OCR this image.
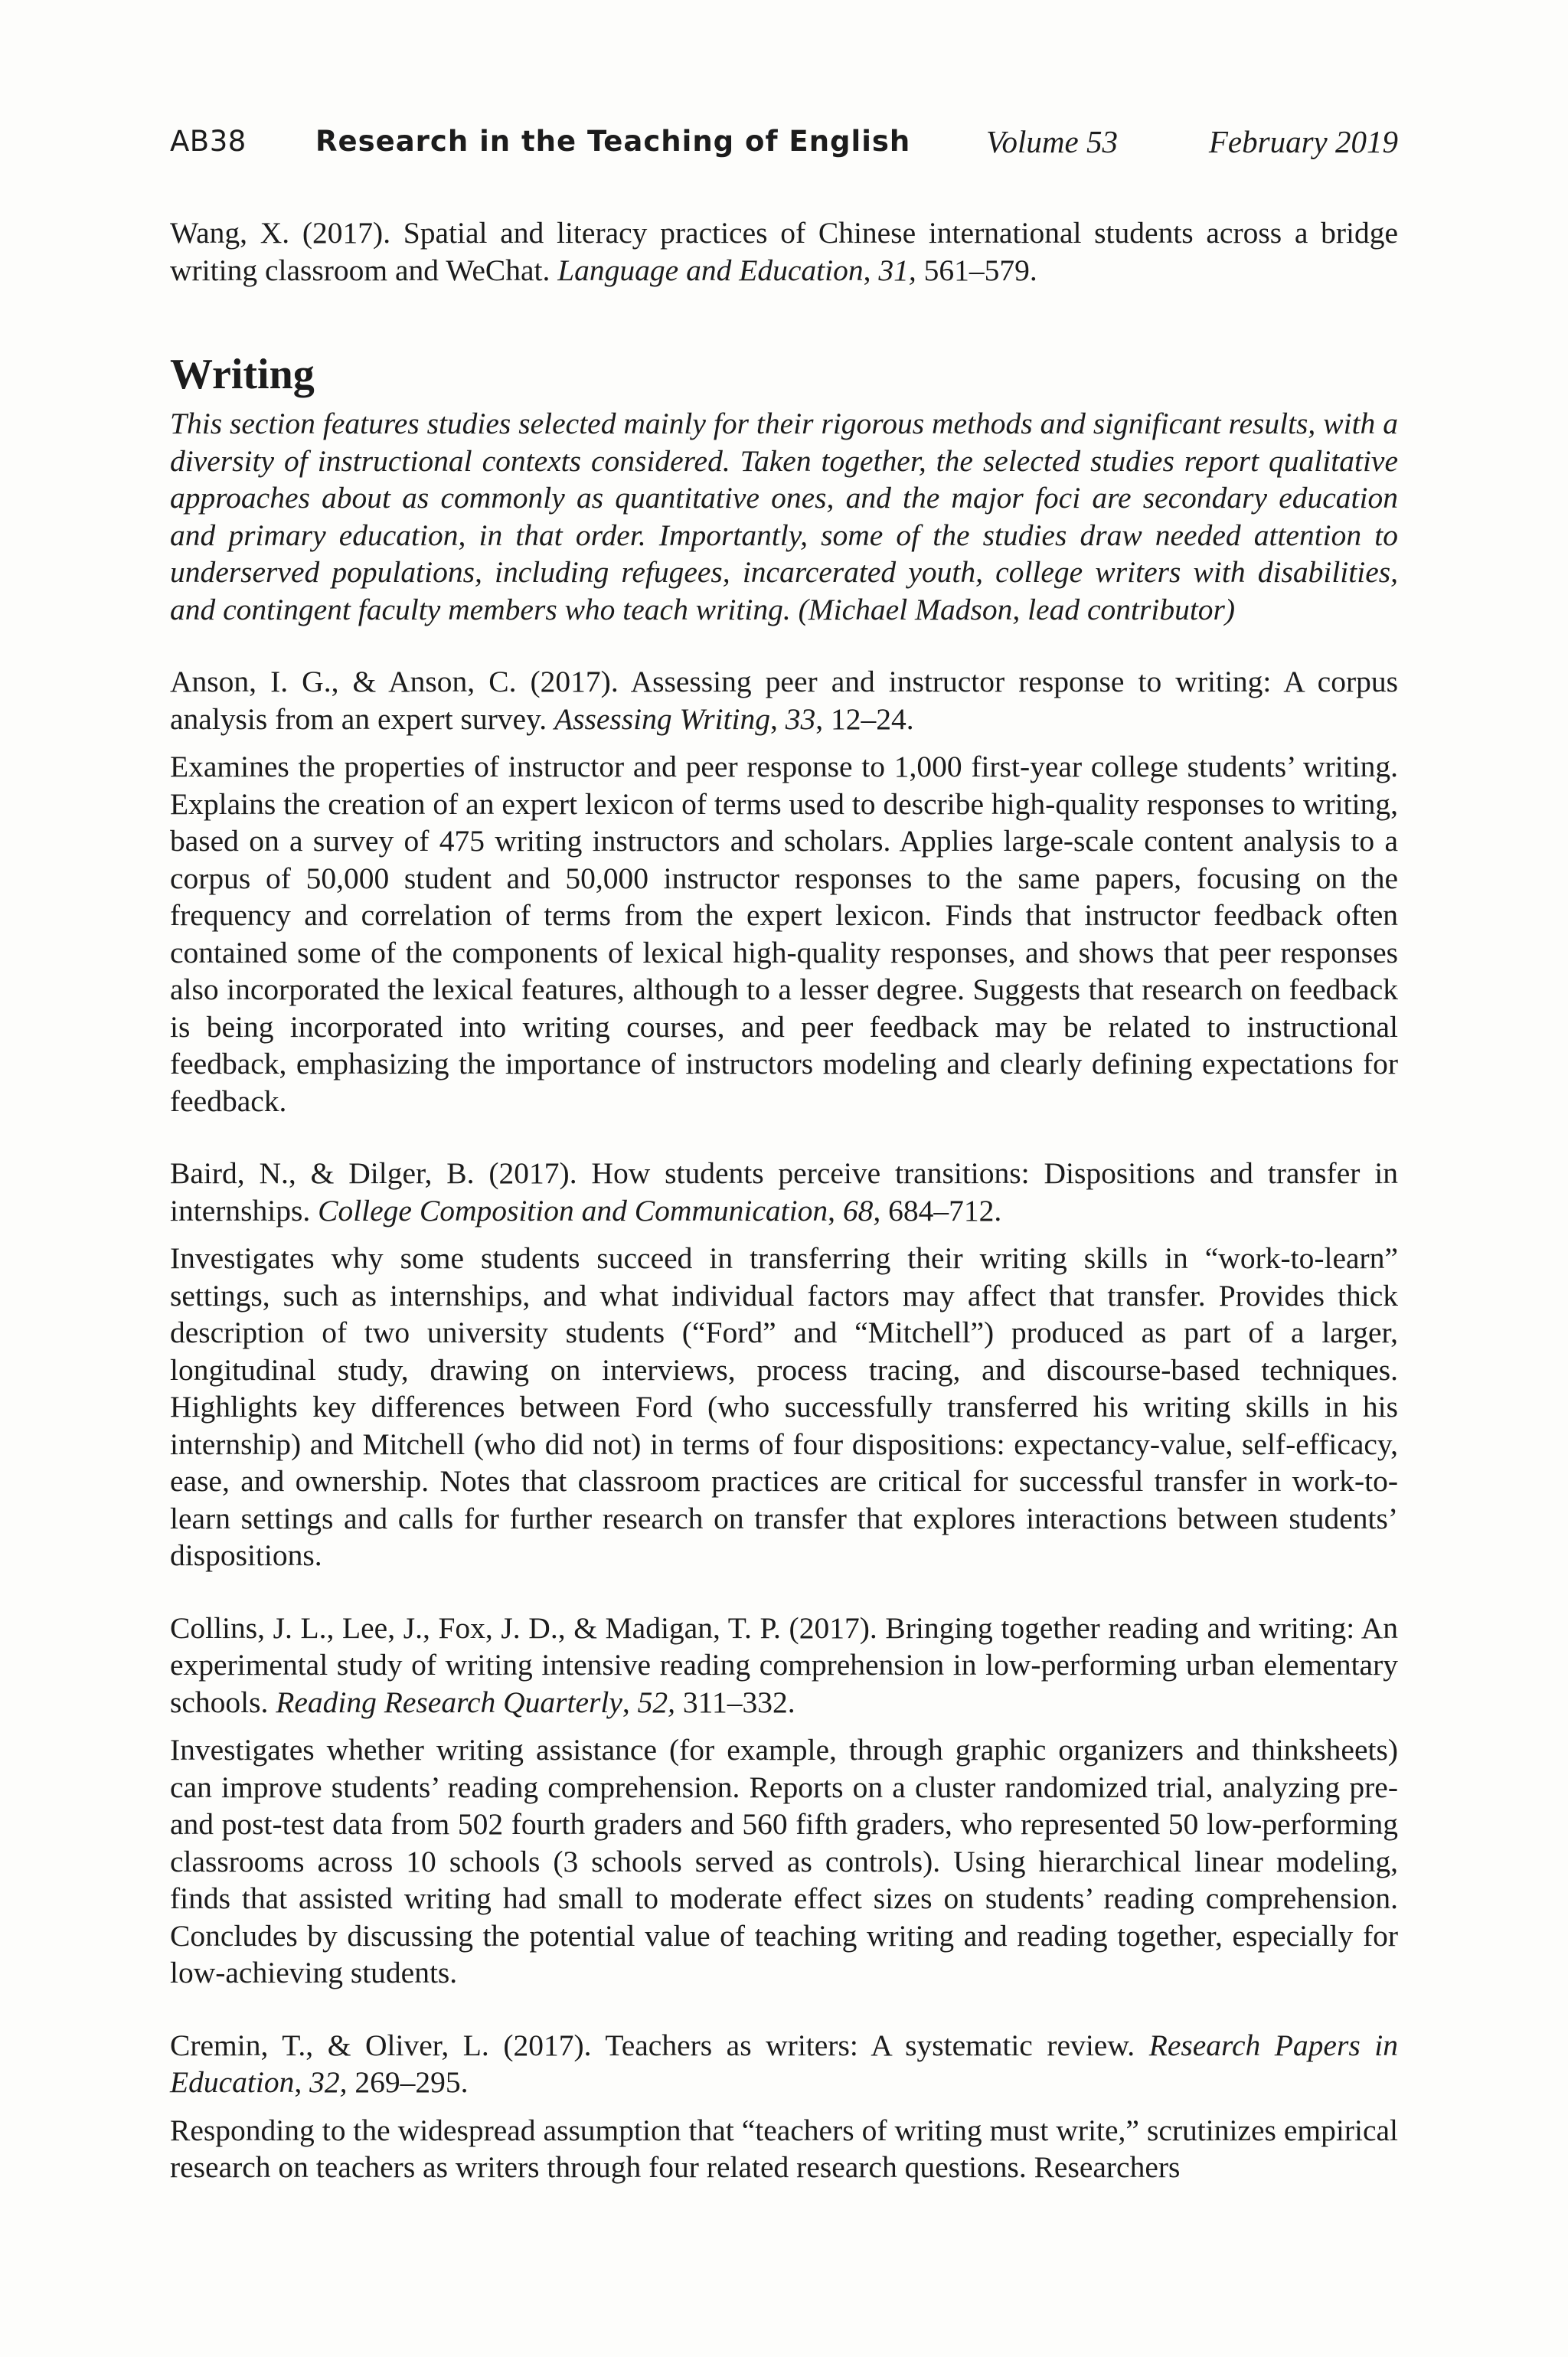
AB38 Research in the Teaching of English Volume 53	February 2019

Wang, X. (2017). Spatial and literacy practices of Chinese international students across a bridge writing classroom and WeChat. Language and Education, 31, 561–579.

Writing

This section features studies selected mainly for their rigorous methods and significant results, with a diversity of instructional contexts considered. Taken together, the selected studies report qualitative approaches about as commonly as quantitative ones, and the major foci are secondary education and primary education, in that order. Importantly, some of the studies draw needed attention to underserved populations, including refugees, incarcerated youth, college writers with disabilities, and contingent faculty members who teach writing. (Michael Madson, lead contributor)

Anson, I. G., & Anson, C. (2017). Assessing peer and instructor response to writing: A corpus analysis from an expert survey. Assessing Writing, 33, 12–24.

Examines the properties of instructor and peer response to 1,000 first-year college students’ writing. Explains the creation of an expert lexicon of terms used to describe high-quality responses to writing, based on a survey of 475 writing instructors and scholars. Applies large-scale content analysis to a corpus of 50,000 student and 50,000 instructor responses to the same papers, focusing on the frequency and correlation of terms from the expert lexicon. Finds that instructor feedback often contained some of the components of lexical high-quality responses, and shows that peer responses also incorporated the lexical features, although to a lesser degree. Suggests that research on feedback is being incorporated into writing courses, and peer feedback may be related to instructional feedback, emphasizing the importance of instructors modeling and clearly defining expectations for feedback.

Baird, N., & Dilger, B. (2017). How students perceive transitions: Dispositions and transfer in internships. College Composition and Communication, 68, 684–712.

Investigates why some students succeed in transferring their writing skills in “work-to-learn” settings, such as internships, and what individual factors may affect that transfer. Provides thick description of two university students (“Ford” and “Mitchell”) produced as part of a larger, longitudinal study, drawing on interviews, process tracing, and discourse-based techniques. Highlights key differences between Ford (who successfully transferred his writing skills in his internship) and Mitchell (who did not) in terms of four dispositions: expectancy-value, self-efficacy, ease, and ownership. Notes that classroom practices are critical for successful transfer in work-to-learn settings and calls for further research on transfer that explores interactions between students’ dispositions.

Collins, J. L., Lee, J., Fox, J. D., & Madigan, T. P. (2017). Bringing together reading and writing: An experimental study of writing intensive reading comprehension in low-performing urban elementary schools. Reading Research Quarterly, 52, 311–332.

Investigates whether writing assistance (for example, through graphic organizers and thinksheets) can improve students’ reading comprehension. Reports on a cluster randomized trial, analyzing pre- and post-test data from 502 fourth graders and 560 fifth graders, who represented 50 low-performing classrooms across 10 schools (3 schools served as controls). Using hierarchical linear modeling, finds that assisted writing had small to moderate effect sizes on students’ reading comprehension. Concludes by discussing the potential value of teaching writing and reading together, especially for low-achieving students.

Cremin, T., & Oliver, L. (2017). Teachers as writers: A systematic review. Research Papers in Education, 32, 269–295.

Responding to the widespread assumption that “teachers of writing must write,” scrutinizes empirical research on teachers as writers through four related research questions. Researchers
